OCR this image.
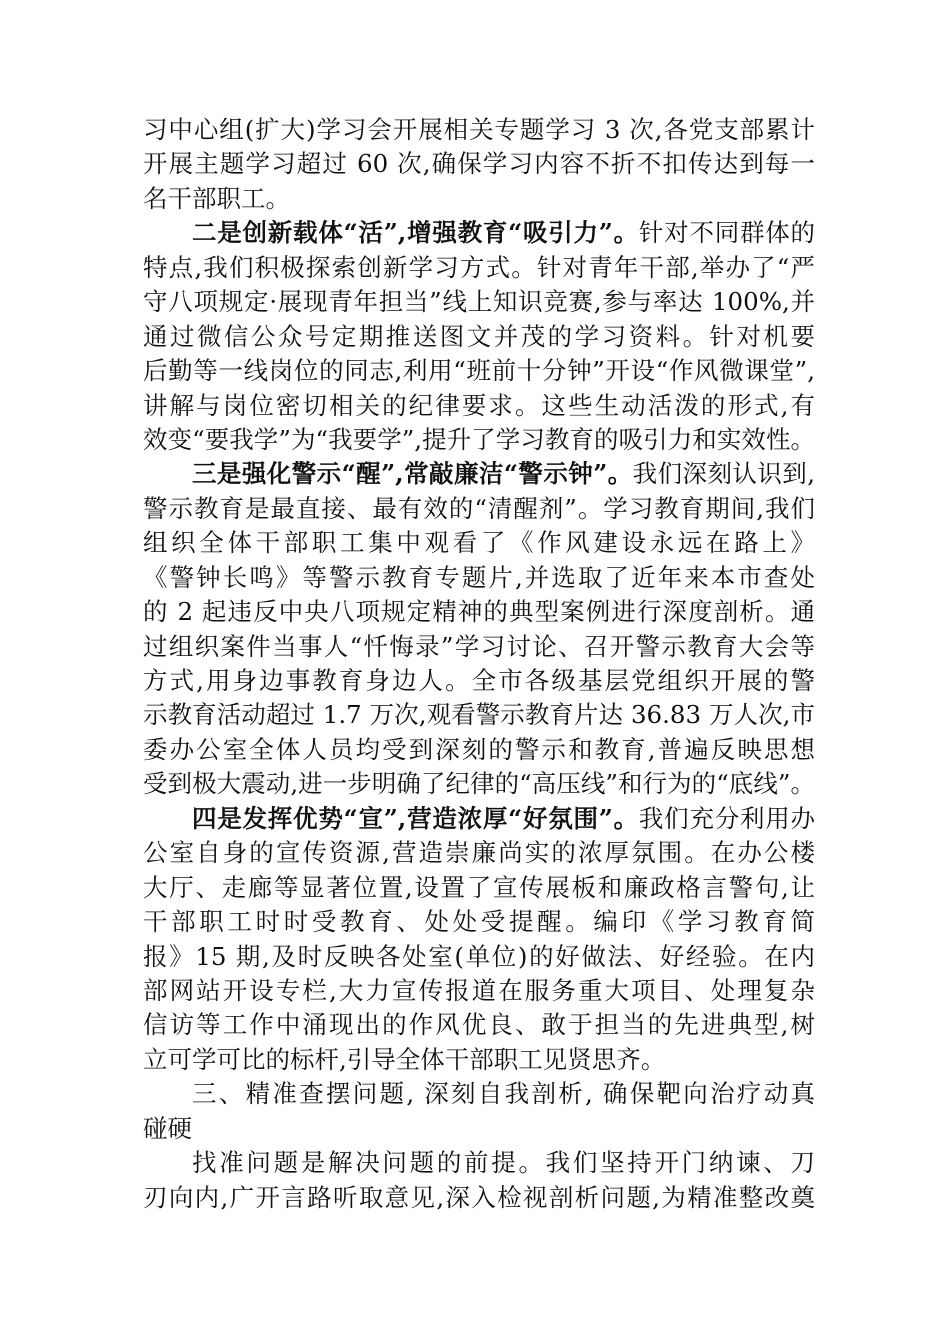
习中心组(扩大)学习会开展相关专题学习 3 次,各党支部累计
开展主题学习超过 60 次,确保学习内容不折不扣传达到每一
名干部职工。
二是创新载体“活”,增强教育“吸引力”。针对不同群体的
特点,我们积极探索创新学习方式。针对青年干部,举办了“严
守八项规定·展现青年担当”线上知识竞赛,参与率达 100%,并
通过微信公众号定期推送图文并茂的学习资料。针对机要
后勤等一线岗位的同志,利用“班前十分钟”开设“作风微课堂”,
讲解与岗位密切相关的纪律要求。这些生动活泼的形式,有
效变“要我学”为“我要学”,提升了学习教育的吸引力和实效性。
三是强化警示“醒”,常敲廉洁“警示钟”。我们深刻认识到,
警示教育是最直接、最有效的“清醒剂”。学习教育期间,我们
组织全体干部职工集中观看了《作风建设永远在路上》
《警钟长鸣》等警示教育专题片,并选取了近年来本市查处
的 2 起违反中央八项规定精神的典型案例进行深度剖析。通
过组织案件当事人“忏悔录”学习讨论、召开警示教育大会等
方式,用身边事教育身边人。全市各级基层党组织开展的警
示教育活动超过 1.7 万次,观看警示教育片达 36.83 万人次,市
委办公室全体人员均受到深刻的警示和教育,普遍反映思想
受到极大震动,进一步明确了纪律的“高压线”和行为的“底线”。
四是发挥优势“宣”,营造浓厚“好氛围”。我们充分利用办
公室自身的宣传资源,营造崇廉尚实的浓厚氛围。在办公楼
大厅、走廊等显著位置,设置了宣传展板和廉政格言警句,让
干部职工时时受教育、处处受提醒。编印《学习教育简
报》15 期,及时反映各处室(单位)的好做法、好经验。在内
部网站开设专栏,大力宣传报道在服务重大项目、处理复杂
信访等工作中涌现出的作风优良、敢于担当的先进典型,树
立可学可比的标杆,引导全体干部职工见贤思齐。
三、精准查摆问题, 深刻自我剖析, 确保靶向治疗动真
碰硬
找准问题是解决问题的前提。我们坚持开门纳谏、刀
刃向内,广开言路听取意见,深入检视剖析问题,为精准整改奠
